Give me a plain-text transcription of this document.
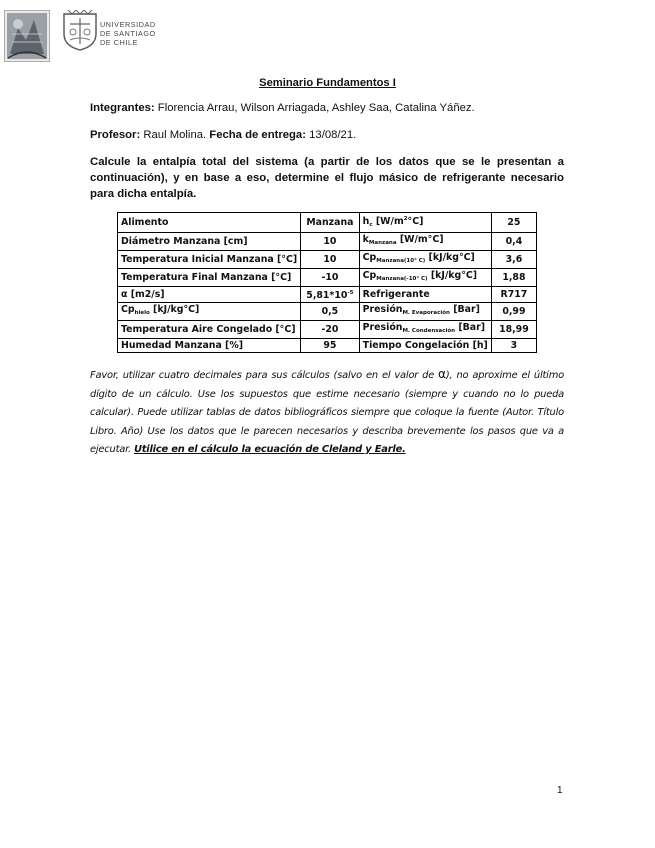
UNIVERSIDAD
DE SANTIAGO
DE CHILE
Seminario Fundamentos I
Integrantes: Florencia Arrau, Wilson Arriagada, Ashley Saa, Catalina Yáñez.
Profesor: Raul Molina. Fecha de entrega: 13/08/21.
Calcule la entalpía total del sistema (a partir de los datos que se le presentan a continuación), y en base a eso, determine el flujo másico de refrigerante necesario para dicha entalpía.
Alimento	Manzana	$h_c$ $[W/m^2^\circ C]$	25
Diámetro Manzana [cm]	10	$k_{Manzana}$ [W/m°C]	0,4
Temperatura Inicial Manzana [°C]	10	$Cp_{Manzana(10^\circ C)}$ [kJ/kg°C]	3,6
Temperatura Final Manzana [°C]	-10	$Cp_{Manzana(-10^\circ C)}$ [kJ/kg°C]	1,88
α [m2/s]	$5,81*10^{-5}$	Refrigerante	R717
$Cp_{hielo}$ [kJ/kg°C]	0,5	Presión$_{M. Evaporación}$ [Bar]	0,99
Temperatura Aire Congelado [°C]	-20	Presión$_{M. Condensación}$ [Bar]	18,99
Humedad Manzana [%]	95	Tiempo Congelación [h]	3
Favor, utilizar cuatro decimales para sus cálculos (salvo en el valor de α), no aproxime el último dígito de un cálculo. Use los supuestos que estime necesario (siempre y cuando no lo pueda calcular). Puede utilizar tablas de datos bibliográficos siempre que coloque la fuente (Autor. Título Libro. Año) Use los datos que le parecen necesarios y describa brevemente los pasos que va a ejecutar. Utilice en el cálculo la ecuación de Cleland y Earle.
1
